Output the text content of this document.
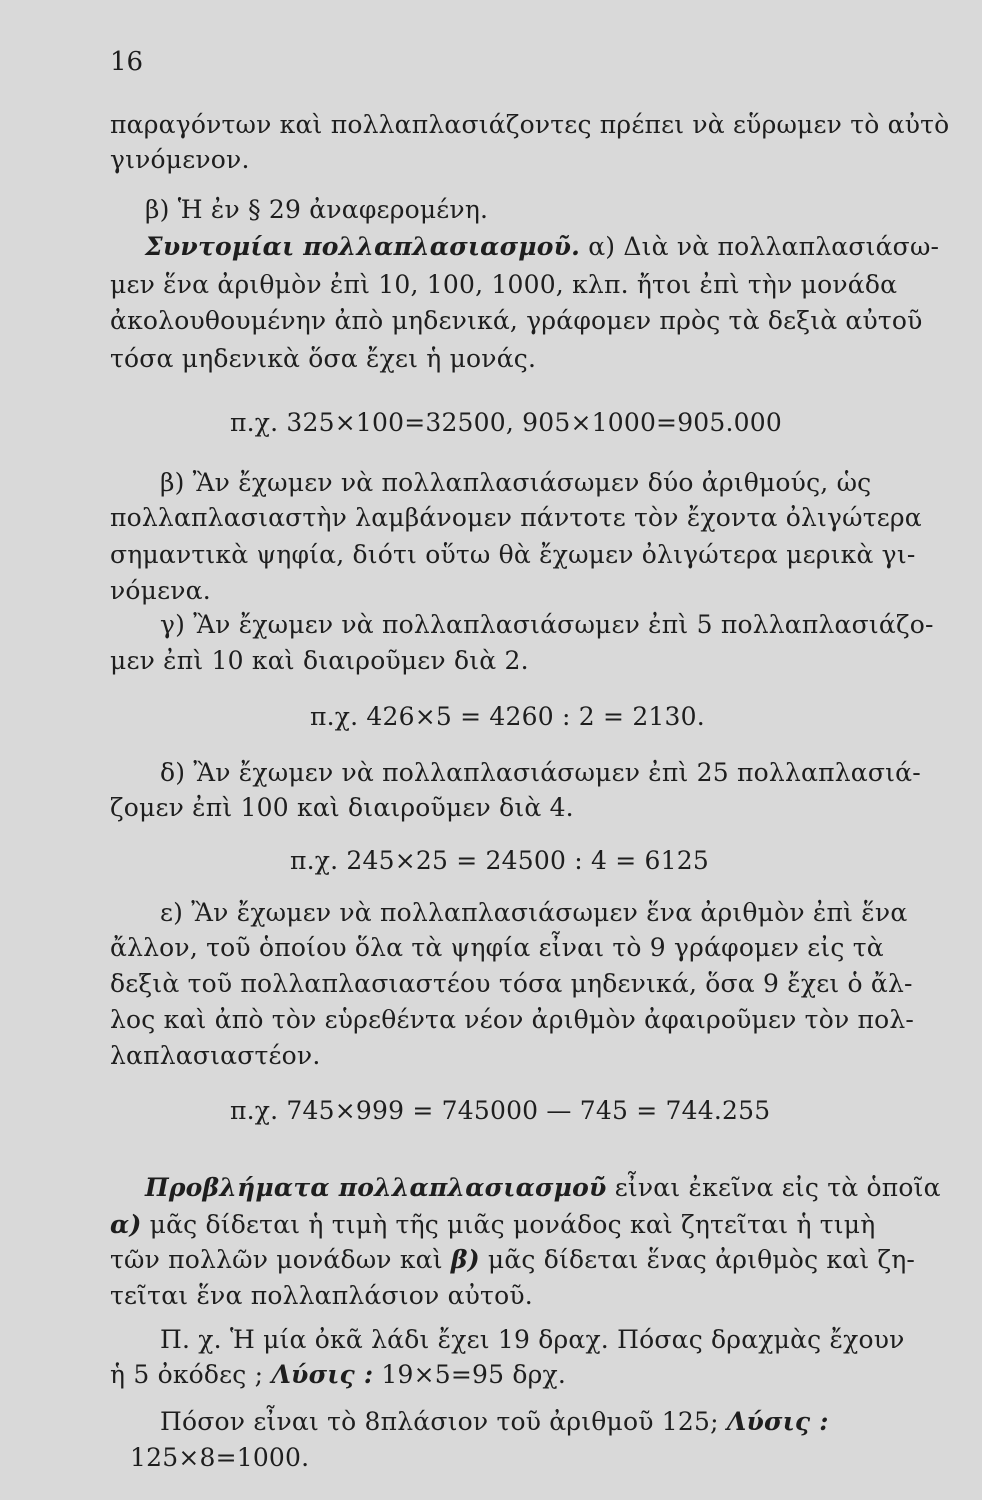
16
παραγόντων καὶ πολλαπλασιάζοντες πρέπει νὰ εὕρωμεν τὸ αὐτὸ
γινόμενον.
β) Ἡ ἐν § 29 ἀναφερομένη.
Συντομίαι πολλαπλασιασμοῦ. α) Διὰ νὰ πολλαπλασιάσω-
μεν ἕνα ἀριθμὸν ἐπὶ 10, 100, 1000, κλπ. ἤτοι ἐπὶ τὴν μονάδα
ἀκολουθουμένην ἀπὸ μηδενικά, γράφομεν πρὸς τὰ δεξιὰ αὐτοῦ
τόσα μηδενικὰ ὅσα ἔχει ἡ μονάς.
π.χ. 325×100=32500, 905×1000=905.000
β) Ἂν ἔχωμεν νὰ πολλαπλασιάσωμεν δύο ἀριθμούς, ὡς
πολλαπλασιαστὴν λαμβάνομεν πάντοτε τὸν ἔχοντα ὀλιγώτερα
σημαντικὰ ψηφία, διότι οὕτω θὰ ἔχωμεν ὀλιγώτερα μερικὰ γι-
νόμενα.
γ) Ἂν ἔχωμεν νὰ πολλαπλασιάσωμεν ἐπὶ 5 πολλαπλασιάζο-
μεν ἐπὶ 10 καὶ διαιροῦμεν διὰ 2.
π.χ. 426×5 = 4260 : 2 = 2130.
δ) Ἂν ἔχωμεν νὰ πολλαπλασιάσωμεν ἐπὶ 25 πολλαπλασιά-
ζομεν ἐπὶ 100 καὶ διαιροῦμεν διὰ 4.
π.χ. 245×25 = 24500 : 4 = 6125
ε) Ἂν ἔχωμεν νὰ πολλαπλασιάσωμεν ἕνα ἀριθμὸν ἐπὶ ἕνα
ἄλλον, τοῦ ὁποίου ὅλα τὰ ψηφία εἶναι τὸ 9 γράφομεν εἰς τὰ
δεξιὰ τοῦ πολλαπλασιαστέου τόσα μηδενικά, ὅσα 9 ἔχει ὁ ἄλ-
λος καὶ ἀπὸ τὸν εὑρεθέντα νέον ἀριθμὸν ἀφαιροῦμεν τὸν πολ-
λαπλασιαστέον.
π.χ. 745×999 = 745000 — 745 = 744.255
Προβλήματα πολλαπλασιασμοῦ εἶναι ἐκεῖνα εἰς τὰ ὁποῖα
α) μᾶς δίδεται ἡ τιμὴ τῆς μιᾶς μονάδος καὶ ζητεῖται ἡ τιμὴ
τῶν πολλῶν μονάδων καὶ β) μᾶς δίδεται ἕνας ἀριθμὸς καὶ ζη-
τεῖται ἕνα πολλαπλάσιον αὐτοῦ.
Π. χ. Ἡ μία ὀκᾶ λάδι ἔχει 19 δραχ. Πόσας δραχμὰς ἔχουν
ἡ 5 ὀκόδες ; Λύσις : 19×5=95 δρχ.
Πόσον εἶναι τὸ 8πλάσιον τοῦ ἀριθμοῦ 125; Λύσις :
125×8=1000.
